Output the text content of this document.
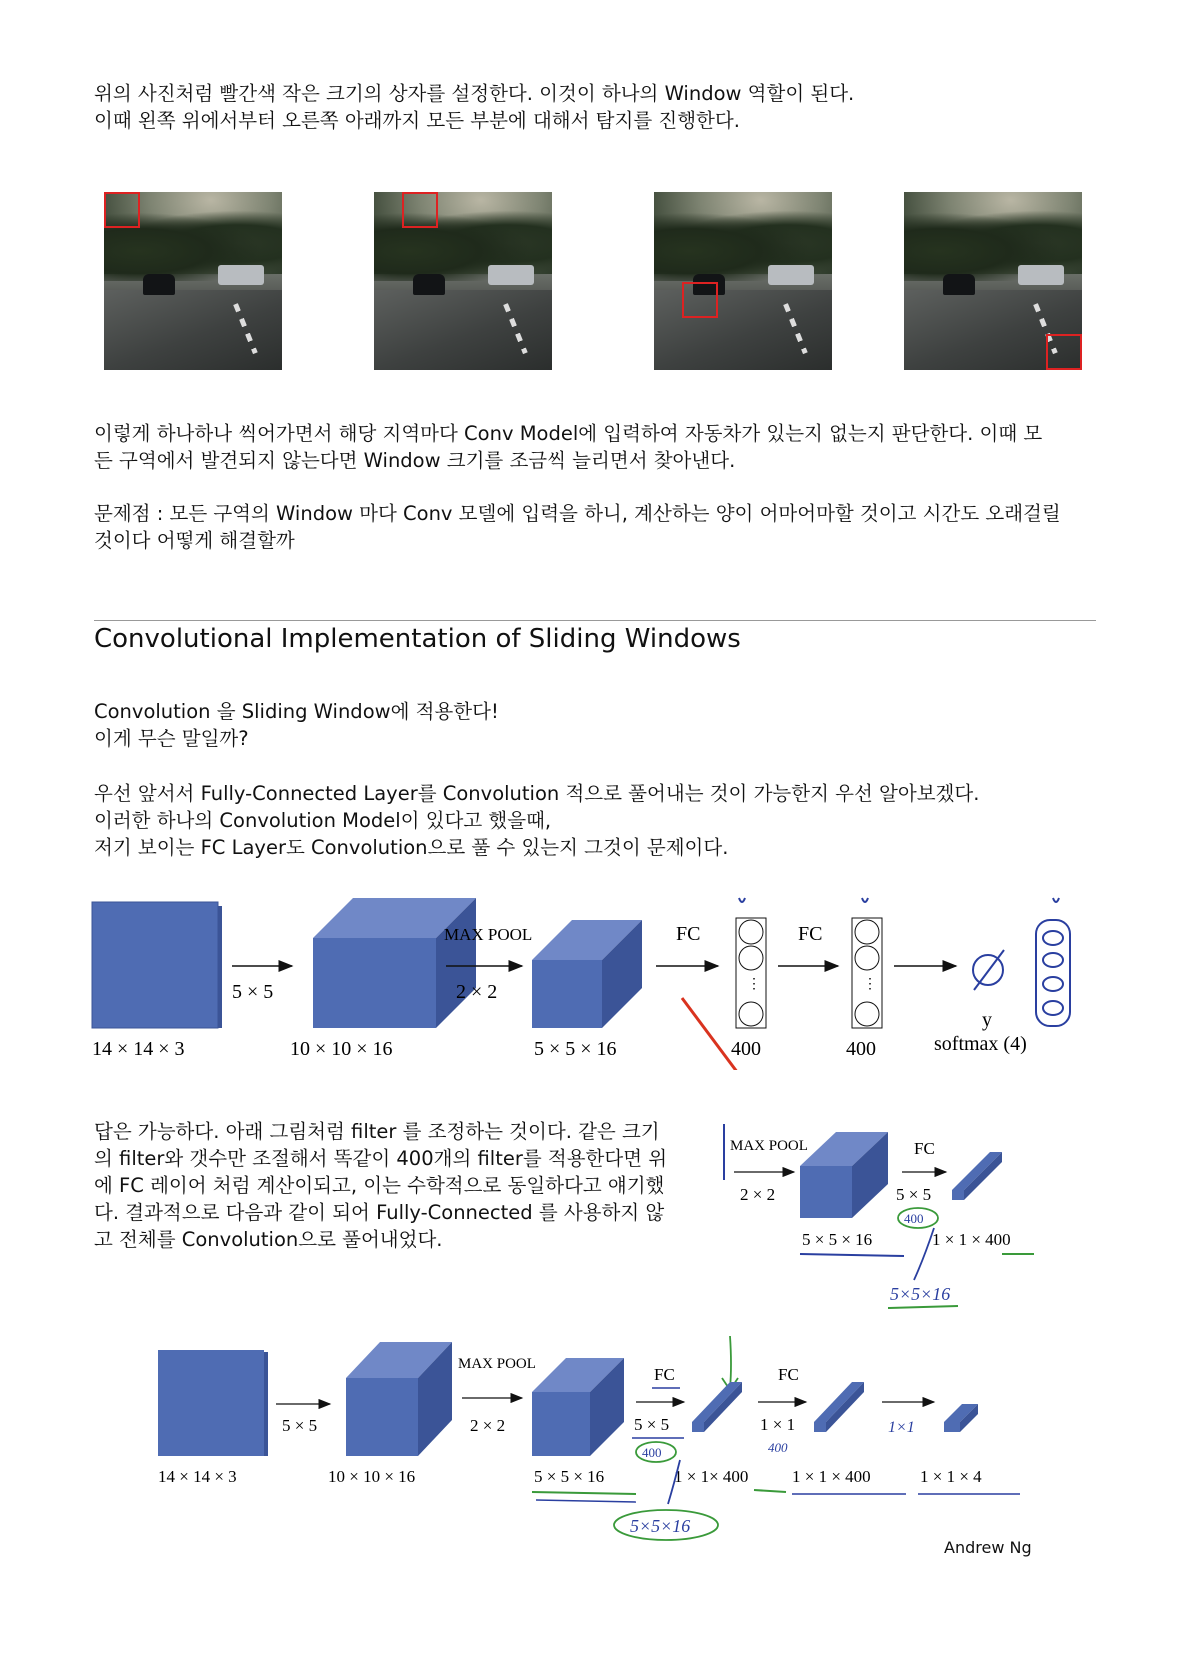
위의 사진처럼 빨간색 작은 크기의 상자를 설정한다. 이것이 하나의 Window 역할이 된다.
이때 왼쪽 위에서부터 오른쪽 아래까지 모든 부분에 대해서 탐지를 진행한다.

이렇게 하나하나 씩어가면서 해당 지역마다 Conv Model에 입력하여 자동차가 있는지 없는지 판단한다. 이때 모
든 구역에서 발견되지 않는다면 Window 크기를 조금씩 늘리면서 찾아낸다.

문제점 : 모든 구역의 Window 마다 Conv 모델에 입력을 하니, 계산하는 양이 어마어마할 것이고 시간도 오래걸릴
것이다 어떻게 해결할까

Convolutional Implementation of Sliding Windows

Convolution 을 Sliding Window에 적용한다!
이게 무슨 말일까?

우선 앞서서 Fully-Connected Layer를 Convolution 적으로 풀어내는 것이 가능한지 우선 알아보겠다.
이러한 하나의 Convolution Model이 있다고 했을때,
저기 보이는 FC Layer도 Convolution으로 풀 수 있는지 그것이 문제이다.

5 × 5
14 × 14 × 3	10 × 10 × 16
MAX POOL
2 × 2
5 × 5 × 16
FC
⋮
400
FC
⋮
400
y
softmax (4)

답은 가능하다. 아래 그림처럼 filter 를 조정하는 것이다. 같은 크기
의 filter와 갯수만 조절해서 똑같이 400개의 filter를 적용한다면 위
에 FC 레이어 처럼 계산이되고, 이는 수학적으로 동일하다고 얘기했
다. 결과적으로 다음과 같이 되어 Fully-Connected 를 사용하지 않
고 전체를 Convolution으로 풀어내었다.

MAX POOL
2 × 2
5 × 5 × 16
FC
5 × 5
1 × 1 × 400
400
5×5×16
5 × 5
14 × 14 × 3	10 × 10 × 16
MAX POOL
2 × 2
5 × 5 × 16
FC
5 × 5
1 × 1× 400
400
5×5×16
FC
1 × 1
400
1 × 1 × 400
1×1
1 × 1 × 4
Andrew Ng
